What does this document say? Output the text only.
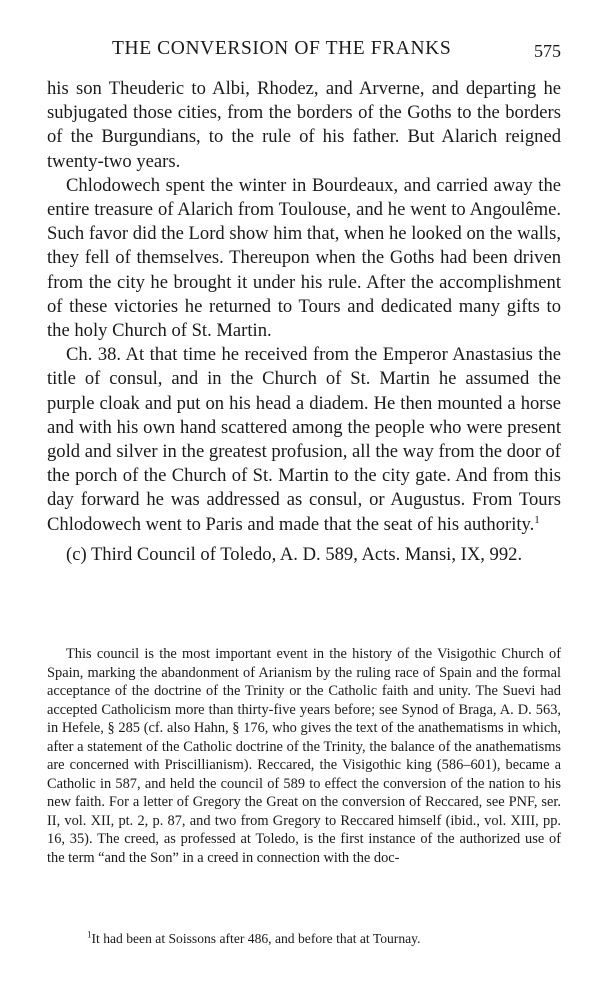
THE CONVERSION OF THE FRANKS	575

his son Theuderic to Albi, Rhodez, and Arverne, and departing he subjugated those cities, from the borders of the Goths to the borders of the Burgundians, to the rule of his father. But Alarich reigned twenty-two years.

Chlodowech spent the winter in Bourdeaux, and carried away the entire treasure of Alarich from Toulouse, and he went to Angoulême. Such favor did the Lord show him that, when he looked on the walls, they fell of themselves. Thereupon when the Goths had been driven from the city he brought it under his rule. After the accomplishment of these victories he returned to Tours and dedicated many gifts to the holy Church of St. Martin.

Ch. 38. At that time he received from the Emperor Anastasius the title of consul, and in the Church of St. Martin he assumed the purple cloak and put on his head a diadem. He then mounted a horse and with his own hand scattered among the people who were present gold and silver in the greatest profusion, all the way from the door of the porch of the Church of St. Martin to the city gate. And from this day forward he was addressed as consul, or Augustus. From Tours Chlodowech went to Paris and made that the seat of his authority.$^1$

(c) Third Council of Toledo, A. D. 589, Acts. Mansi, IX, 992.

This council is the most important event in the history of the Visigothic Church of Spain, marking the abandonment of Arianism by the ruling race of Spain and the formal acceptance of the doctrine of the Trinity or the Catholic faith and unity. The Suevi had accepted Catholicism more than thirty-five years before; see Synod of Braga, A. D. 563, in Hefele, § 285 (cf. also Hahn, § 176, who gives the text of the anathematisms in which, after a statement of the Catholic doctrine of the Trinity, the balance of the anathematisms are concerned with Priscillianism). Reccared, the Visigothic king (586–601), became a Catholic in 587, and held the council of 589 to effect the conversion of the nation to his new faith. For a letter of Gregory the Great on the conversion of Reccared, see PNF, ser. II, vol. XII, pt. 2, p. 87, and two from Gregory to Reccared himself (ibid., vol. XIII, pp. 16, 35). The creed, as professed at Toledo, is the first instance of the authorized use of the term “and the Son” in a creed in connection with the doc-
$^1$It had been at Soissons after 486, and before that at Tournay.
